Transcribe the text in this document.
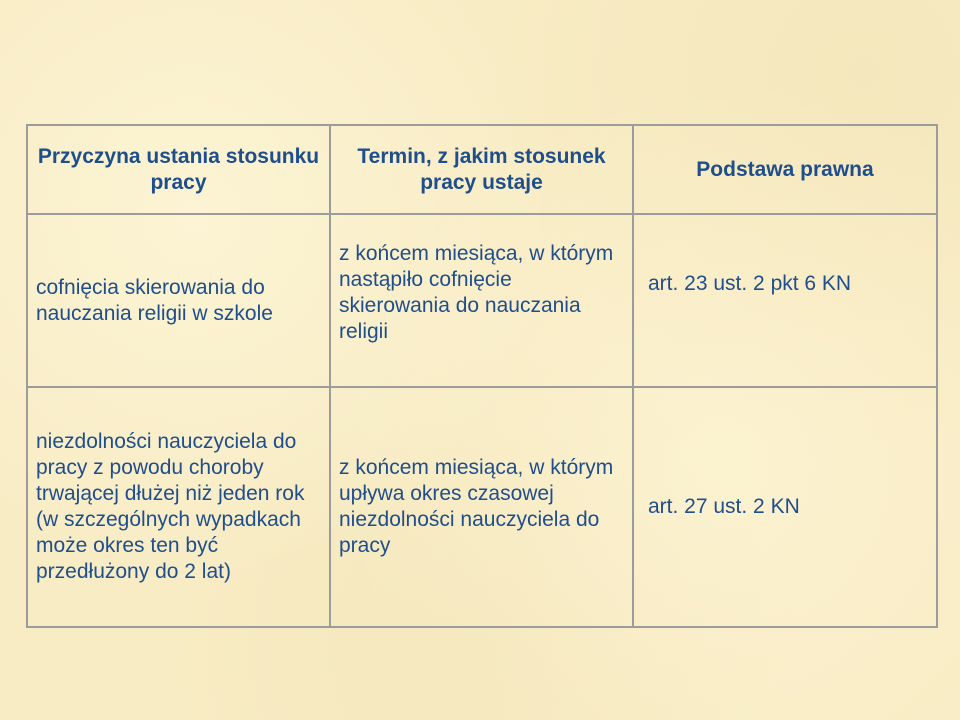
Przyczyna ustania stosunku pracy	Termin, z jakim stosunek pracy ustaje	Podstawa prawna
cofnięcia skierowania do nauczania religii w szkole	z końcem miesiąca, w którym nastąpiło cofnięcie skierowania do nauczania religii	art. 23 ust. 2 pkt 6 KN
niezdolności nauczyciela do pracy z powodu choroby trwającej dłużej niż jeden rok (w szczególnych wypadkach może okres ten być przedłużony do 2 lat)	z końcem miesiąca, w którym upływa okres czasowej niezdolności nauczyciela do pracy	art. 27 ust. 2 KN
